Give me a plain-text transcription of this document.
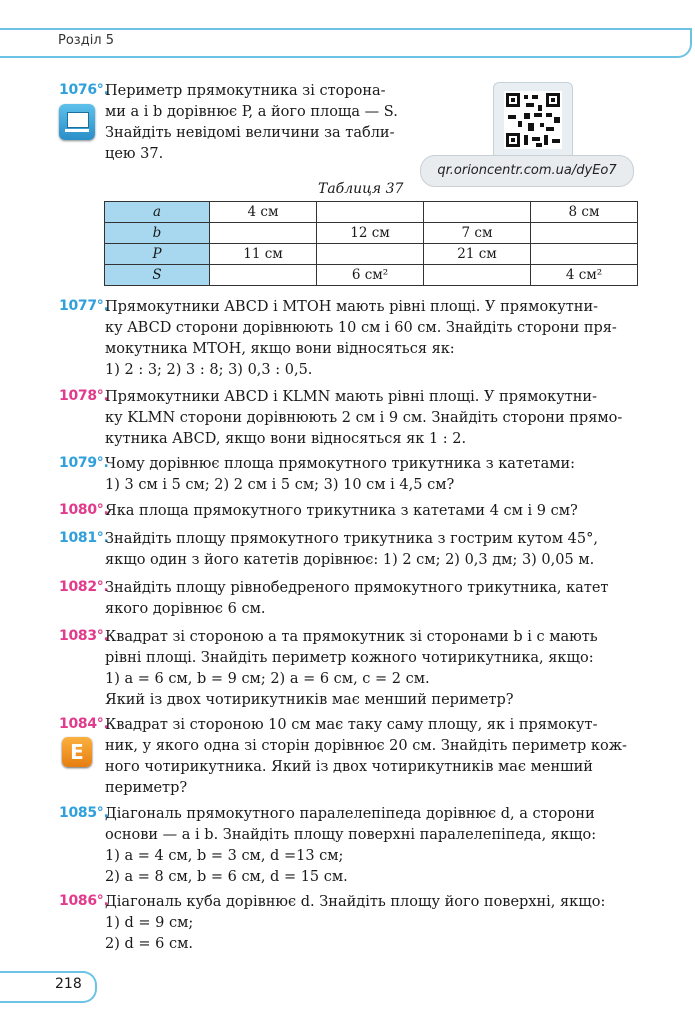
Розділ 5
qr.orioncentr.com.ua/dyEo7
1076°.

Периметр прямокутника зі сторона-

ми a і b дорівнює P, а його площа — S.

Знайдіть невідомі величини за табли-

цею 37.

Таблиця 37
a	4 см			8 см
b		12 см	7 см	
P	11 см		21 см	
S		6 см²		4 см²
1077°.

Прямокутники ABCD і MTOH мають рівні площі. У прямокутни-

ку ABCD сторони дорівнюють 10 см і 60 см. Знайдіть сторони пря-

мокутника MTOH, якщо вони відносяться як:

1) 2 : 3; 2) 3 : 8; 3) 0,3 : 0,5.

1078°.

Прямокутники ABCD і KLMN мають рівні площі. У прямокутни-

ку KLMN сторони дорівнюють 2 см і 9 см. Знайдіть сторони прямо-

кутника ABCD, якщо вони відносяться як 1 : 2.

1079°.

Чому дорівнює площа прямокутного трикутника з катетами:

1) 3 см і 5 см; 2) 2 см і 5 см; 3) 10 см і 4,5 см?

1080°.

Яка площа прямокутного трикутника з катетами 4 см і 9 см?

1081°.

Знайдіть площу прямокутного трикутника з гострим кутом 45°,

якщо один з його катетів дорівнює: 1) 2 см; 2) 0,3 дм; 3) 0,05 м.

1082°.

Знайдіть площу рівнобедреного прямокутного трикутника, катет

якого дорівнює 6 см.

1083°.

Квадрат зі стороною a та прямокутник зі сторонами b і c мають

рівні площі. Знайдіть периметр кожного чотирикутника, якщо:

1) a = 6 см, b = 9 см; 2) a = 6 см, c = 2 см.

Який із двох чотирикутників має менший периметр?

1084°.
E

Квадрат зі стороною 10 см має таку саму площу, як і прямокут-

ник, у якого одна зі сторін дорівнює 20 см. Знайдіть периметр кож-

ного чотирикутника. Який із двох чотирикутників має менший

периметр?

1085°.

Діагональ прямокутного паралелепіпеда дорівнює d, а сторони

основи — a і b. Знайдіть площу поверхні паралелепіпеда, якщо:

1) a = 4 см, b = 3 см, d =13 см;

2) a = 8 см, b = 6 см, d = 15 см.

1086°.

Діагональ куба дорівнює d. Знайдіть площу його поверхні, якщо:

1) d = 9 см;

2) d = 6 см.

218
